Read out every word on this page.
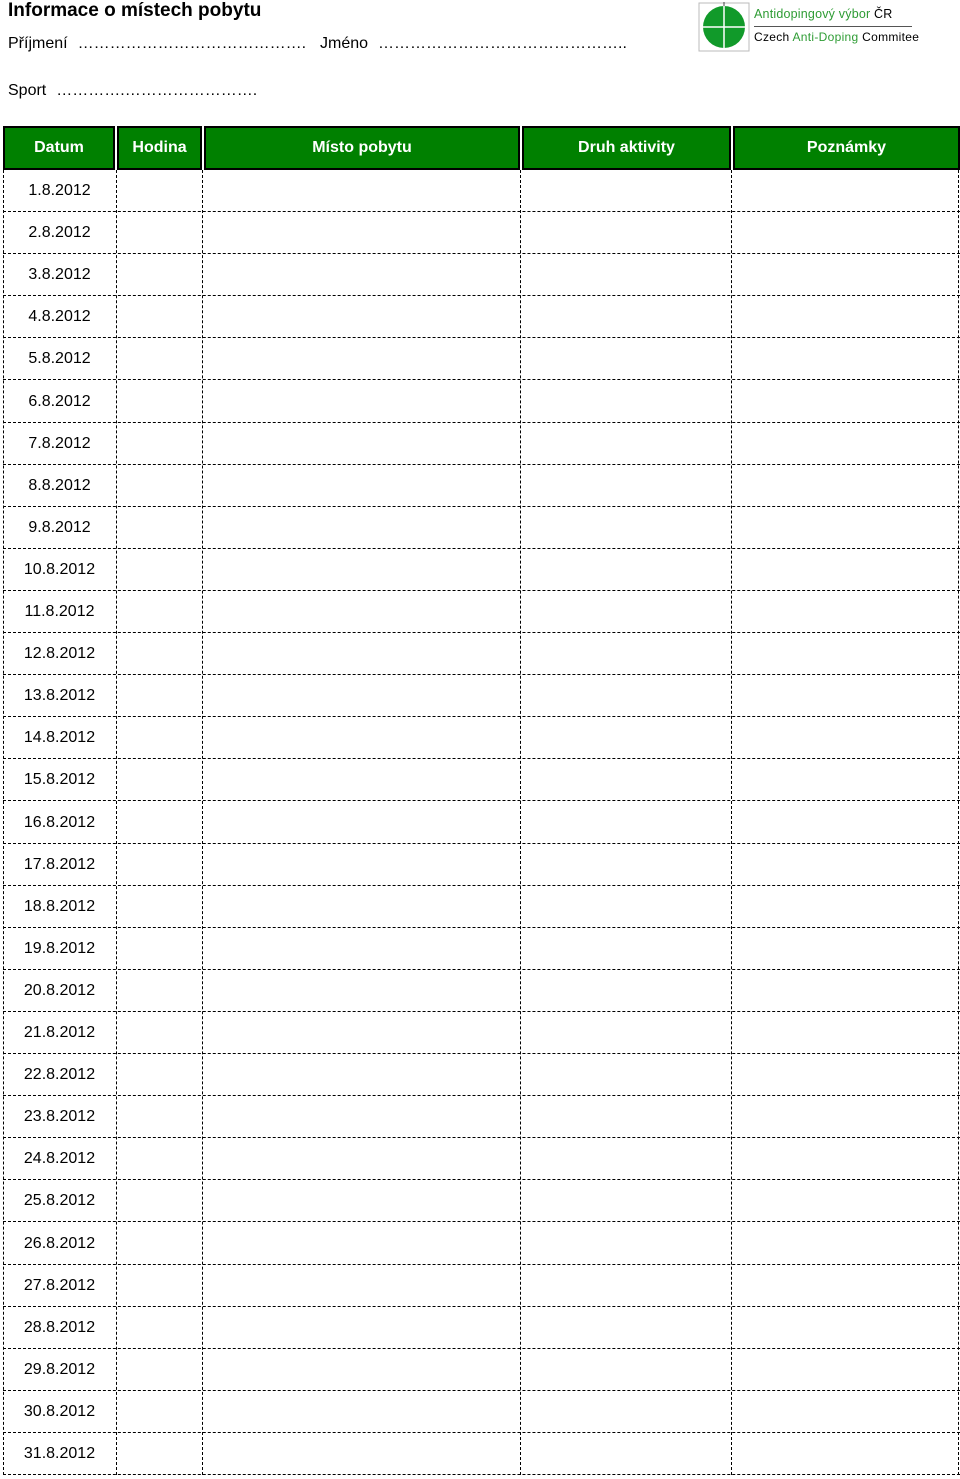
Informace o místech pobytu
Příjmení ……………………………………. Jméno ………………………………………..
Sport ………….…………………….
Antidopingový výbor ČR
Czech Anti-Doping Commitee
Datum	Hodina	Místo pobytu	Druh aktivity	Poznámky
1.8.2012
2.8.2012
3.8.2012
4.8.2012
5.8.2012
6.8.2012
7.8.2012
8.8.2012
9.8.2012
10.8.2012
11.8.2012
12.8.2012
13.8.2012
14.8.2012
15.8.2012
16.8.2012
17.8.2012
18.8.2012
19.8.2012
20.8.2012
21.8.2012
22.8.2012
23.8.2012
24.8.2012
25.8.2012
26.8.2012
27.8.2012
28.8.2012
29.8.2012
30.8.2012
31.8.2012
